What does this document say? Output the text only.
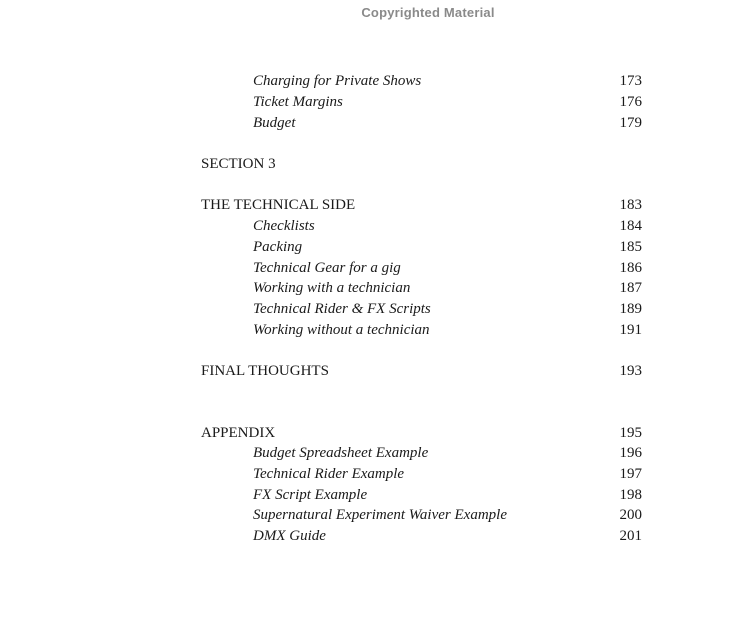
Copyrighted Material
Charging for Private Shows	173
Ticket Margins	176
Budget	179
SECTION 3
THE TECHNICAL SIDE	183
Checklists	184
Packing	185
Technical Gear for a gig	186
Working with a technician	187
Technical Rider & FX Scripts	189
Working without a technician	191
FINAL THOUGHTS	193
APPENDIX	195
Budget Spreadsheet Example	196
Technical Rider Example	197
FX Script Example	198
Supernatural Experiment Waiver Example	200
DMX Guide	201
